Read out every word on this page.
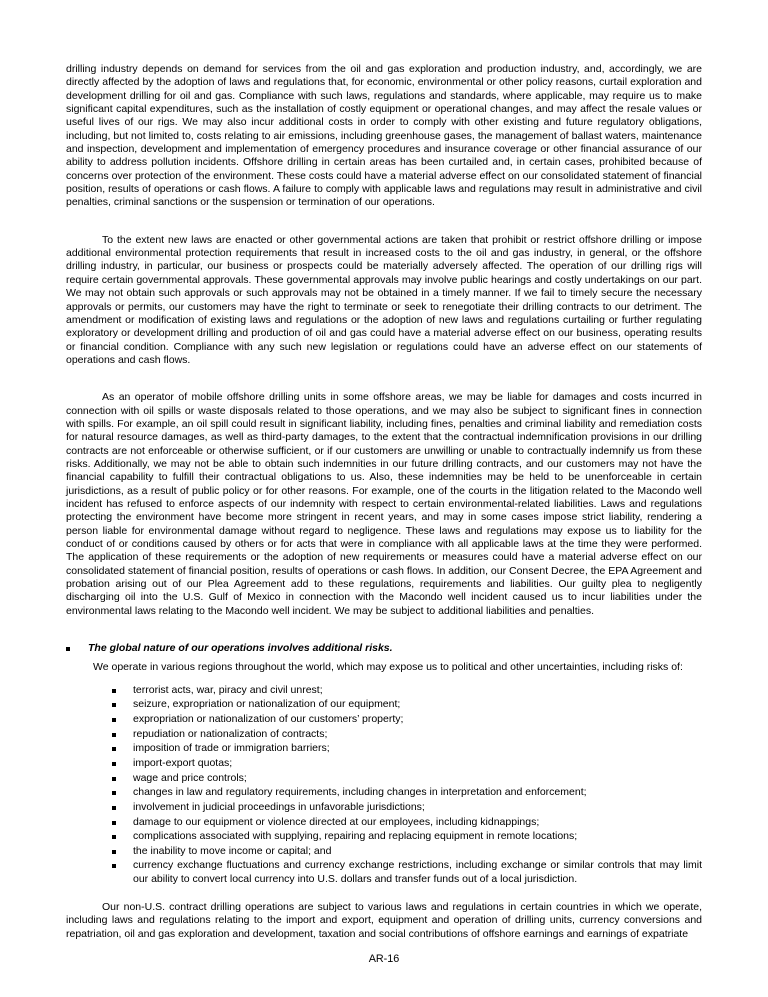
drilling industry depends on demand for services from the oil and gas exploration and production industry, and, accordingly, we are directly affected by the adoption of laws and regulations that, for economic, environmental or other policy reasons, curtail exploration and development drilling for oil and gas. Compliance with such laws, regulations and standards, where applicable, may require us to make significant capital expenditures, such as the installation of costly equipment or operational changes, and may affect the resale values or useful lives of our rigs. We may also incur additional costs in order to comply with other existing and future regulatory obligations, including, but not limited to, costs relating to air emissions, including greenhouse gases, the management of ballast waters, maintenance and inspection, development and implementation of emergency procedures and insurance coverage or other financial assurance of our ability to address pollution incidents. Offshore drilling in certain areas has been curtailed and, in certain cases, prohibited because of concerns over protection of the environment. These costs could have a material adverse effect on our consolidated statement of financial position, results of operations or cash flows. A failure to comply with applicable laws and regulations may result in administrative and civil penalties, criminal sanctions or the suspension or termination of our operations.

To the extent new laws are enacted or other governmental actions are taken that prohibit or restrict offshore drilling or impose additional environmental protection requirements that result in increased costs to the oil and gas industry, in general, or the offshore drilling industry, in particular, our business or prospects could be materially adversely affected. The operation of our drilling rigs will require certain governmental approvals. These governmental approvals may involve public hearings and costly undertakings on our part. We may not obtain such approvals or such approvals may not be obtained in a timely manner. If we fail to timely secure the necessary approvals or permits, our customers may have the right to terminate or seek to renegotiate their drilling contracts to our detriment. The amendment or modification of existing laws and regulations or the adoption of new laws and regulations curtailing or further regulating exploratory or development drilling and production of oil and gas could have a material adverse effect on our business, operating results or financial condition. Compliance with any such new legislation or regulations could have an adverse effect on our statements of operations and cash flows.

As an operator of mobile offshore drilling units in some offshore areas, we may be liable for damages and costs incurred in connection with oil spills or waste disposals related to those operations, and we may also be subject to significant fines in connection with spills. For example, an oil spill could result in significant liability, including fines, penalties and criminal liability and remediation costs for natural resource damages, as well as third-party damages, to the extent that the contractual indemnification provisions in our drilling contracts are not enforceable or otherwise sufficient, or if our customers are unwilling or unable to contractually indemnify us from these risks. Additionally, we may not be able to obtain such indemnities in our future drilling contracts, and our customers may not have the financial capability to fulfill their contractual obligations to us. Also, these indemnities may be held to be unenforceable in certain jurisdictions, as a result of public policy or for other reasons. For example, one of the courts in the litigation related to the Macondo well incident has refused to enforce aspects of our indemnity with respect to certain environmental-related liabilities. Laws and regulations protecting the environment have become more stringent in recent years, and may in some cases impose strict liability, rendering a person liable for environmental damage without regard to negligence. These laws and regulations may expose us to liability for the conduct of or conditions caused by others or for acts that were in compliance with all applicable laws at the time they were performed. The application of these requirements or the adoption of new requirements or measures could have a material adverse effect on our consolidated statement of financial position, results of operations or cash flows. In addition, our Consent Decree, the EPA Agreement and probation arising out of our Plea Agreement add to these regulations, requirements and liabilities. Our guilty plea to negligently discharging oil into the U.S. Gulf of Mexico in connection with the Macondo well incident caused us to incur liabilities under the environmental laws relating to the Macondo well incident. We may be subject to additional liabilities and penalties.

The global nature of our operations involves additional risks.

We operate in various regions throughout the world, which may expose us to political and other uncertainties, including risks of:

terrorist acts, war, piracy and civil unrest;
seizure, expropriation or nationalization of our equipment;
expropriation or nationalization of our customers’ property;
repudiation or nationalization of contracts;
imposition of trade or immigration barriers;
import-export quotas;
wage and price controls;
changes in law and regulatory requirements, including changes in interpretation and enforcement;
involvement in judicial proceedings in unfavorable jurisdictions;
damage to our equipment or violence directed at our employees, including kidnappings;
complications associated with supplying, repairing and replacing equipment in remote locations;
the inability to move income or capital; and
currency exchange fluctuations and currency exchange restrictions, including exchange or similar controls that may limit our ability to convert local currency into U.S. dollars and transfer funds out of a local jurisdiction.

Our non-U.S. contract drilling operations are subject to various laws and regulations in certain countries in which we operate, including laws and regulations relating to the import and export, equipment and operation of drilling units, currency conversions and repatriation, oil and gas exploration and development, taxation and social contributions of offshore earnings and earnings of expatriate

AR-16
